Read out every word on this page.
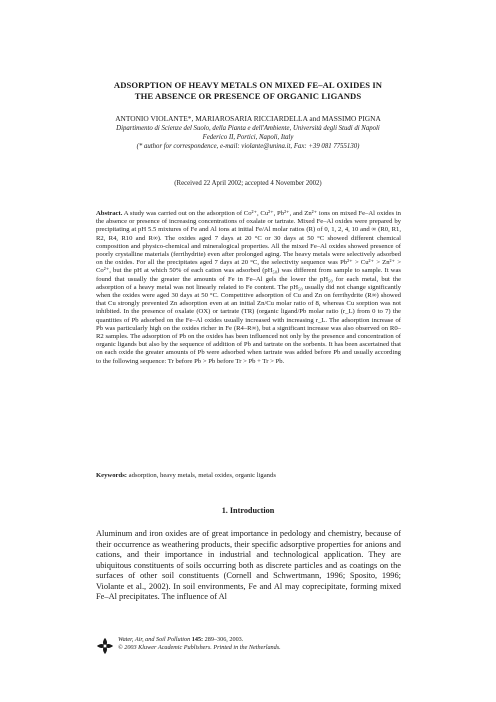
ADSORPTION OF HEAVY METALS ON MIXED FE–AL OXIDES IN
THE ABSENCE OR PRESENCE OF ORGANIC LIGANDS
ANTONIO VIOLANTE*, MARIAROSARIA RICCIARDELLA and MASSIMO PIGNA
Dipartimento di Scienze del Suolo, della Pianta e dell'Ambiente, Università degli Studi di Napoli
Federico II, Portici, Napoli, Italy
(* author for correspondence, e-mail: violante@unina.it, Fax: +39 081 7755130)
(Received 22 April 2002; accepted 4 November 2002)
Abstract. A study was carried out on the adsorption of Co²⁺, Cu²⁺, Pb²⁺, and Zn²⁺ ions on mixed Fe–Al oxides in the absence or presence of increasing concentrations of oxalate or tartrate. Mixed Fe–Al oxides were prepared by precipitating at pH 5.5 mixtures of Fe and Al ions at initial Fe/Al molar ratios (R) of 0, 1, 2, 4, 10 and ∞ (R0, R1, R2, R4, R10 and R∞). The oxides aged 7 days at 20 °C or 30 days at 50 °C showed different chemical composition and physico-chemical and mineralogical properties. All the mixed Fe–Al oxides showed presence of poorly crystalline materials (ferrihydrite) even after prolonged aging. The heavy metals were selectively adsorbed on the oxides. For all the precipitates aged 7 days at 20 °C, the selectivity sequence was Pb²⁺ > Cu²⁺ > Zn²⁺ > Co²⁺, but the pH at which 50% of each cation was adsorbed (pH₅₀) was different from sample to sample. It was found that usually the greater the amounts of Fe in Fe–Al gels the lower the pH₅₀ for each metal, but the adsorption of a heavy metal was not linearly related to Fe content. The pH₅₀ usually did not change significantly when the oxides were aged 30 days at 50 °C. Competitive adsorption of Cu and Zn on ferrihydrite (R∞) showed that Cu strongly prevented Zn adsorption even at an initial Zn/Cu molar ratio of 8, whereas Cu sorption was not inhibited. In the presence of oxalate (OX) or tartrate (TR) (organic ligand/Pb molar ratio (r_L) from 0 to 7) the quantities of Pb adsorbed on the Fe–Al oxides usually increased with increasing r_L. The adsorption increase of Pb was particularly high on the oxides richer in Fe (R4–R∞), but a significant increase was also observed on R0–R2 samples. The adsorption of Pb on the oxides has been influenced not only by the presence and concentration of organic ligands but also by the sequence of addition of Pb and tartrate on the sorbents. It has been ascertained that on each oxide the greater amounts of Pb were adsorbed when tartrate was added before Pb and usually according to the following sequence: Tr before Pb > Pb before Tr > Pb + Tr > Pb.
Keywords: adsorption, heavy metals, metal oxides, organic ligands
1. Introduction
Aluminum and iron oxides are of great importance in pedology and chemistry, because of their occurrence as weathering products, their specific adsorptive properties for anions and cations, and their importance in industrial and technological application. They are ubiquitous constituents of soils occurring both as discrete particles and as coatings on the surfaces of other soil constituents (Cornell and Schwertmann, 1996; Sposito, 1996; Violante et al., 2002). In soil environments, Fe and Al may coprecipitate, forming mixed Fe–Al precipitates. The influence of Al
Water, Air, and Soil Pollution 145: 289–306, 2003.
© 2003 Kluwer Academic Publishers. Printed in the Netherlands.
